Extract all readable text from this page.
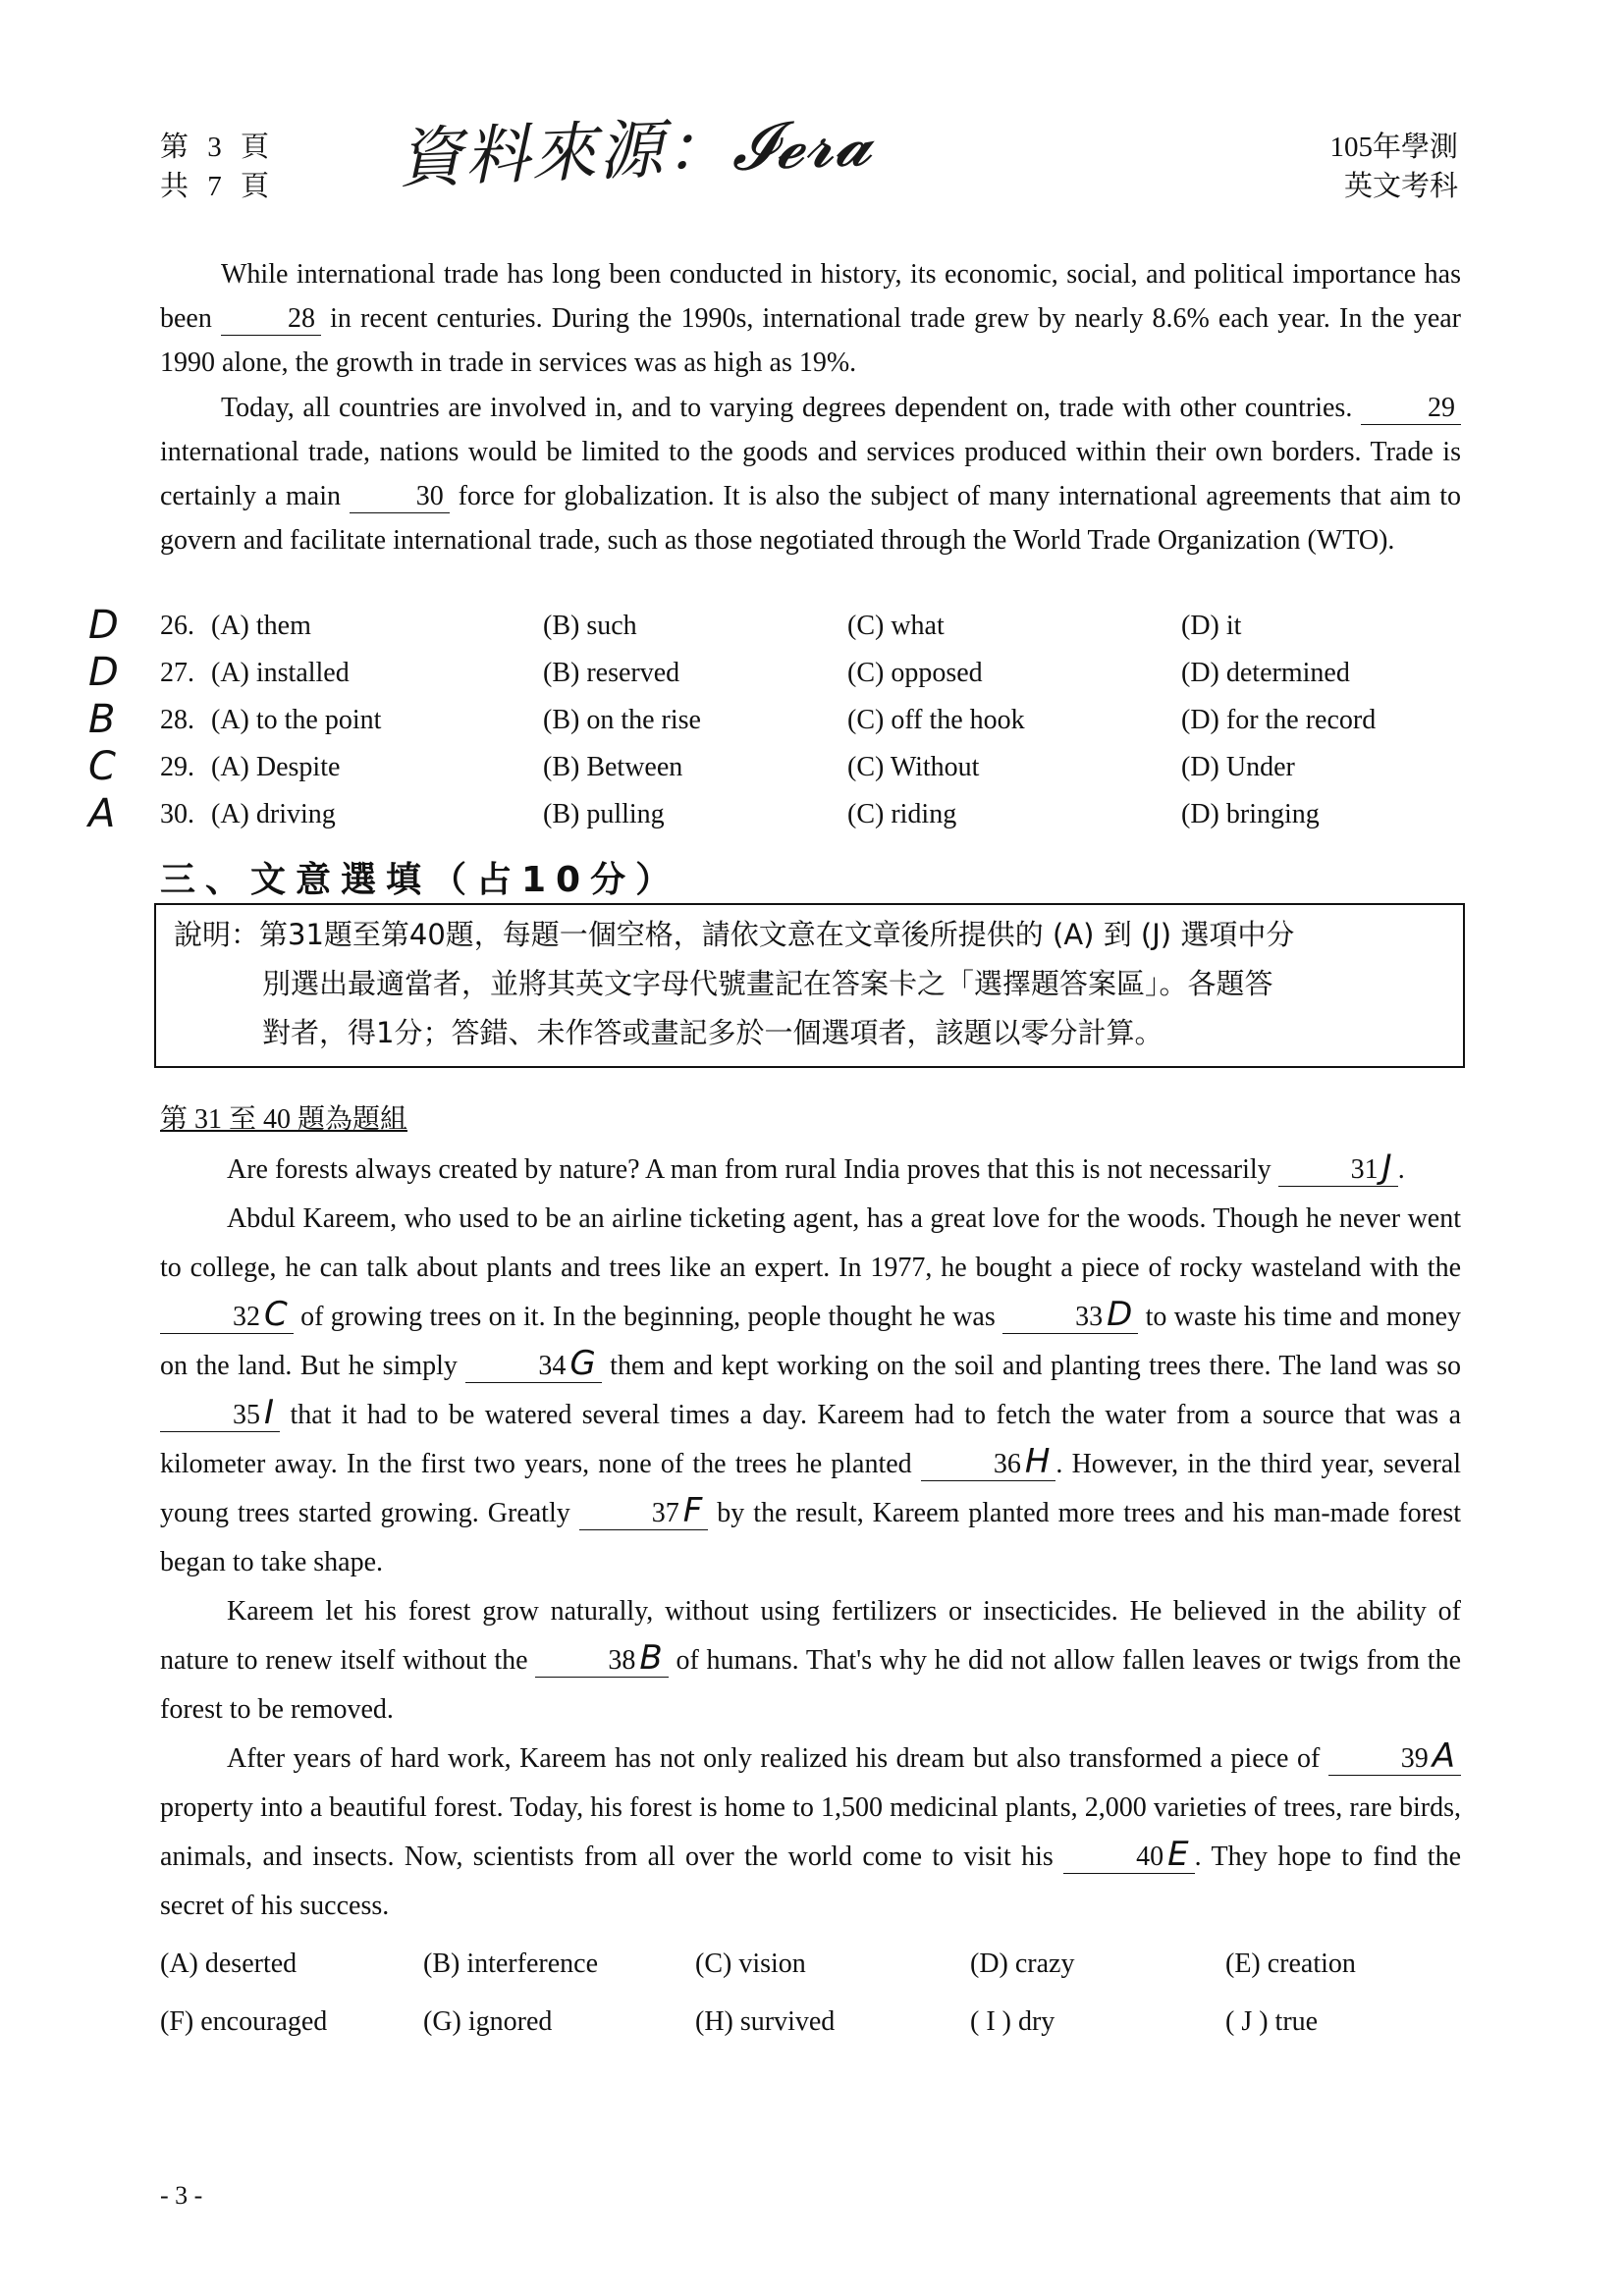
第 3 頁
共 7 頁 資料來源：𝓘𝓮𝓻𝓪	105年學測
英文考科
While international trade has long been conducted in history, its economic, social, and political importance has been	28 in recent centuries. During the 1990s, international trade grew by nearly 8.6% each year. In the year 1990 alone, the growth in trade in services was as high as 19%.
Today, all countries are involved in, and to varying degrees dependent on, trade with other countries.	29 international trade, nations would be limited to the goods and services produced within their own borders. Trade is certainly a main	30 force for globalization. It is also the subject of many international agreements that aim to govern and facilitate international trade, such as those negotiated through the World Trade Organization (WTO).
D 26. (A) them	(B) such	(C) what	(D) it
D 27. (A) installed	(B) reserved	(C) opposed	(D) determined
B 28. (A) to the point	(B) on the rise	(C) off the hook	(D) for the record
C 29. (A) Despite	(B) Between	(C) Without	(D) Under
A 30. (A) driving	(B) pulling	(C) riding	(D) bringing
三、文意選填（占10分）
說明：第31題至第40題，每題一個空格，請依文意在文章後所提供的 (A) 到 (J) 選項中分
別選出最適當者，並將其英文字母代號畫記在答案卡之「選擇題答案區」。各題答
對者，得1分；答錯、未作答或畫記多於一個選項者，該題以零分計算。
第 31 至 40 題為題組
Are forests always created by nature? A man from rural India proves that this is not necessarily	31 J .
Abdul Kareem, who used to be an airline ticketing agent, has a great love for the woods. Though he never went to college, he can talk about plants and trees like an expert. In 1977, he bought a piece of rocky wasteland with the 32 C of growing trees on it. In the beginning, people thought he was	33 D to waste his time and money on the land. But he simply	34 G them and kept working on the soil and planting trees there. The land was so 35 I that it had to be watered several times a day. Kareem had to fetch the water from a source that was a kilometer away. In the first two years, none of the trees he planted	36 H . However, in the third year, several young trees started growing. Greatly	37 F by the result, Kareem planted more trees and his man-made forest began to take shape.
Kareem let his forest grow naturally, without using fertilizers or insecticides. He believed in the ability of nature to renew itself without the	38 B of humans. That's why he did not allow fallen leaves or twigs from the forest to be removed.
After years of hard work, Kareem has not only realized his dream but also transformed a piece of	39 A property into a beautiful forest. Today, his forest is home to 1,500 medicinal plants, 2,000 varieties of trees, rare birds, animals, and insects. Now, scientists from all over the world come to visit his	40 E . They hope to find the secret of his success.
(A) deserted	(B) interference	(C) vision	(D) crazy	(E) creation
(F) encouraged	(G) ignored	(H) survived	( I ) dry	( J ) true
- 3 -
